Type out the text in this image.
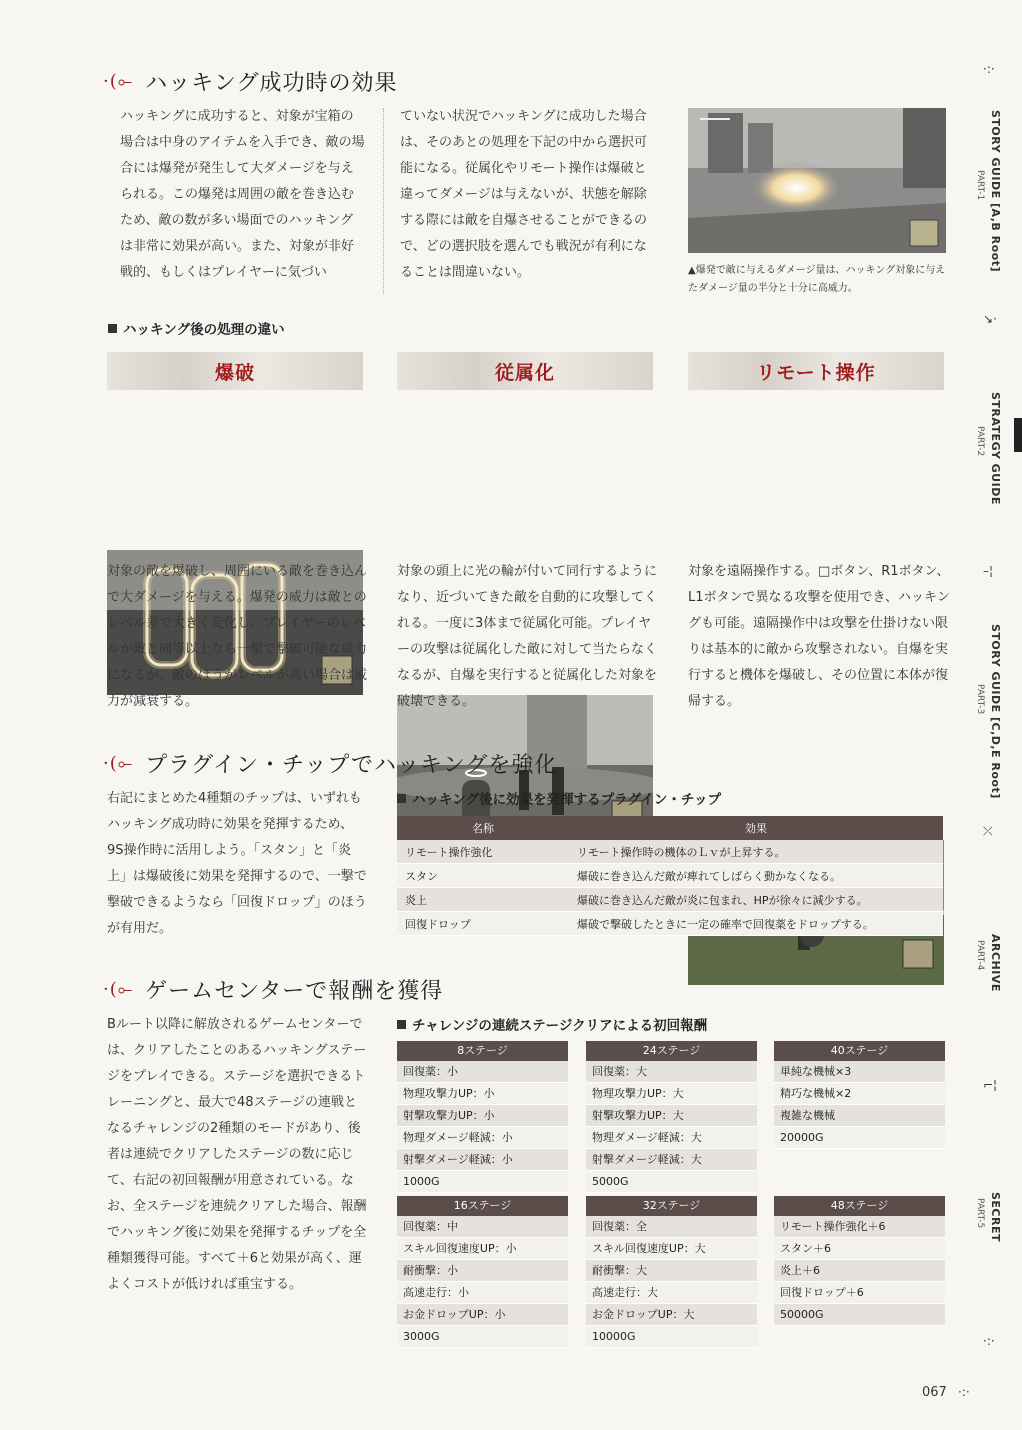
·(⟜ ハッキング成功時の効果
ハッキングに成功すると、対象が宝箱の場合は中身のアイテムを入手でき、敵の場合には爆発が発生して大ダメージを与えられる。この爆発は周囲の敵を巻き込むため、敵の数が多い場面でのハッキングは非常に効果が高い。また、対象が非好戦的、もしくはプレイヤーに気づい
ていない状況でハッキングに成功した場合は、そのあとの処理を下記の中から選択可能になる。従属化やリモート操作は爆破と違ってダメージは与えないが、状態を解除する際には敵を自爆させることができるので、どの選択肢を選んでも戦況が有利になることは間違いない。	▲爆発で敵に与えるダメージ量は、ハッキング対象に与えたダメージ量の半分と十分に高威力。
ハッキング後の処理の違い
爆破	従属化	リモート操作
対象の敵を爆破し、周囲にいる敵を巻き込んで大ダメージを与える。爆発の威力は敵とのレベル差で大きく変化し、プレイヤーのレベルが敵と同等以上なら一撃で撃破可能な威力になるが、敵のほうがレベルが高い場合は威力が減衰する。
対象の頭上に光の輪が付いて同行するようになり、近づいてきた敵を自動的に攻撃してくれる。一度に3体まで従属化可能。プレイヤーの攻撃は従属化した敵に対して当たらなくなるが、自爆を実行すると従属化した対象を破壊できる。
対象を遠隔操作する。□ボタン、R1ボタン、L1ボタンで異なる攻撃を使用でき、ハッキングも可能。遠隔操作中は攻撃を仕掛けない限りは基本的に敵から攻撃されない。自爆を実行すると機体を爆破し、その位置に本体が復帰する。
·(⟜ プラグイン・チップでハッキングを強化
右記にまとめた4種類のチップは、いずれもハッキング成功時に効果を発揮するため、9S操作時に活用しよう。「スタン」と「炎上」は爆破後に効果を発揮するので、一撃で撃破できるようなら「回復ドロップ」のほうが有用だ。
ハッキング後に効果を発揮するプラグイン・チップ
名称	効果
リモート操作強化	リモート操作時の機体のＬｖが上昇する。
スタン	爆破に巻き込んだ敵が痺れてしばらく動かなくなる。
炎上	爆破に巻き込んだ敵が炎に包まれ、HPが徐々に減少する。
回復ドロップ	爆破で撃破したときに一定の確率で回復薬をドロップする。
·(⟜ ゲームセンターで報酬を獲得
Bルート以降に解放されるゲームセンターでは、クリアしたことのあるハッキングステージをプレイできる。ステージを選択できるトレーニングと、最大で48ステージの連戦となるチャレンジの2種類のモードがあり、後者は連続でクリアしたステージの数に応じて、右記の初回報酬が用意されている。なお、全ステージを連続クリアした場合、報酬でハッキング後に効果を発揮するチップを全種類獲得可能。すべて＋6と効果が高く、運よくコストが低ければ重宝する。
チャレンジの連続ステージクリアによる初回報酬
8ステージ
回復薬：小
物理攻撃力UP：小
射撃攻撃力UP：小
物理ダメージ軽減：小
射撃ダメージ軽減：小
1000G
24ステージ
回復薬：大
物理攻撃力UP：大
射撃攻撃力UP：大
物理ダメージ軽減：大
射撃ダメージ軽減：大
5000G
40ステージ
単純な機械×3
精巧な機械×2
複雑な機械
20000G
16ステージ
回復薬：中
スキル回復速度UP：小
耐衝撃：小
高速走行：小
お金ドロップUP：小
3000G
32ステージ
回復薬：全
スキル回復速度UP：大
耐衝撃：大
高速走行：大
お金ドロップUP：大
10000G
48ステージ
リモート操作強化＋6
スタン＋6
炎上＋6
回復ドロップ＋6
50000G
·:·
STORY GUIDE [A,B Root]
PART-1
↘·
STRATEGY GUIDE
PART-2
–¦
STORY GUIDE [C,D,E Root]
PART-3
⤫
ARCHIVE
PART-4
⌐¦
SECRET
PART-5
·:·
067 ·:·
